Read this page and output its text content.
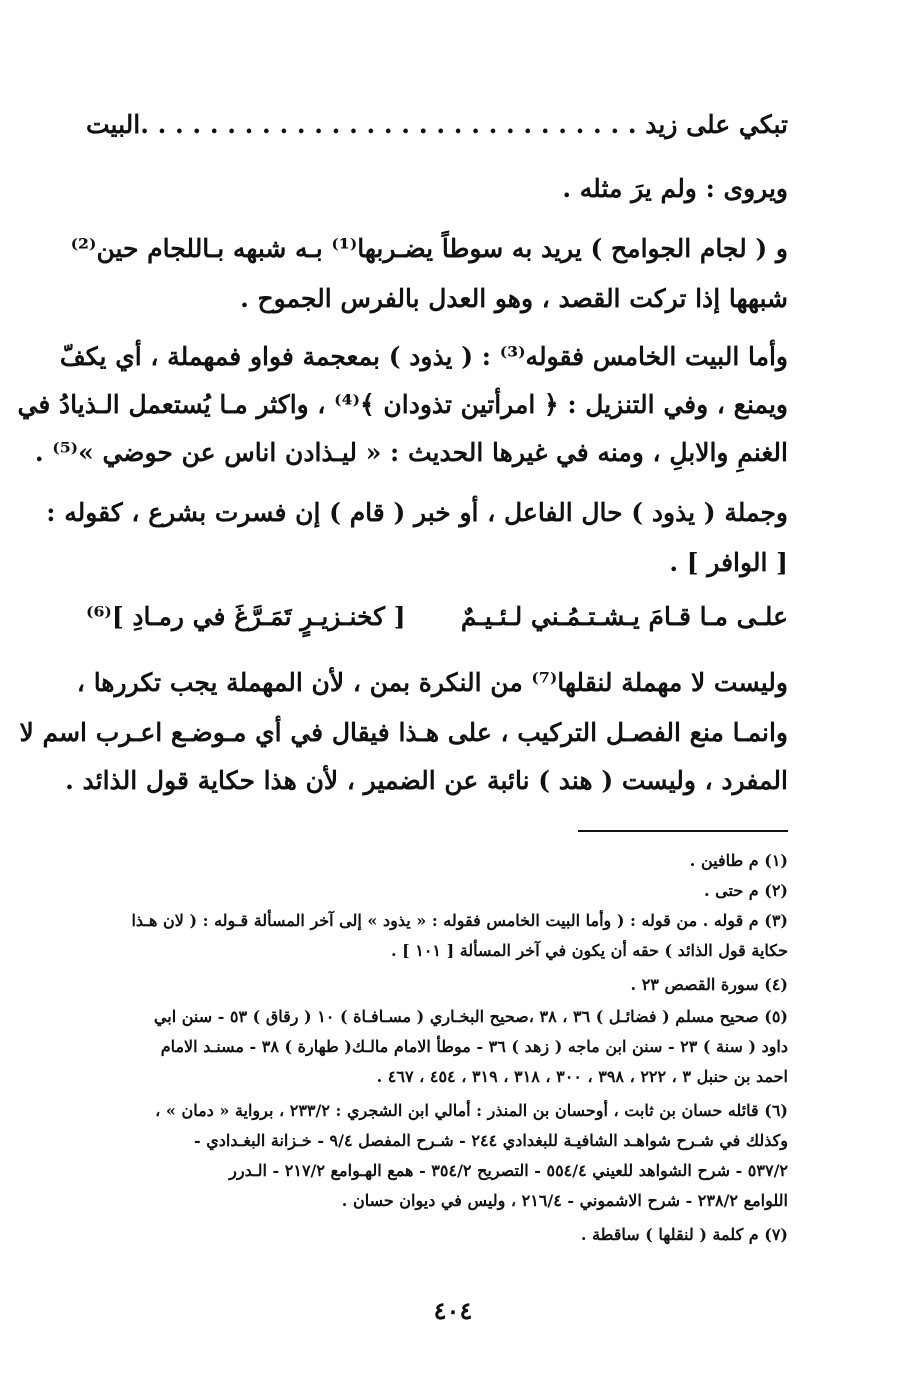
تبكي على زيد . . . . . . . . . . . . .
. . . . . . . . . . . . . . . . .البيت
ويروى : ولم يرَ مثله .
و ( لجام الجوامح ) يريد به سوطاً يضـربها⁽¹⁾ بـه شبهه بـاللجام حين⁽²⁾
شبهها إذا تركت القصد ، وهو العدل بالفرس الجموح .
وأما البيت الخامس فقوله⁽³⁾ : ( يذود ) بمعجمة فواو فمهملة ، أي يكفّ
ويمنع ، وفي التنزيل : ﴿ امرأتين تذودان ﴾⁽⁴⁾ ، واكثر مـا يُستعمل الـذيادُ في
الغنمِ والابلِ ، ومنه في غيرها الحديث : « ليـذادن اناس عن حوضي »⁽⁵⁾ .
وجملة ( يذود ) حال الفاعل ، أو خبر ( قام ) إن فسرت بشرع ، كقوله :
[ الوافر ] .
علـى مـا قـامَ يـشـتـمُـني لـئـيـمٌ
[ كخنـزيـرٍ تَمَـرَّغَ في رمـادِ ]⁽⁶⁾
وليست لا مهملة لنقلها⁽⁷⁾ من النكرة بمن ، لأن المهملة يجب تكررها ،
وانمـا منع الفصـل التركيب ، على هـذا فيقال في أي مـوضـع اعـرب اسم لا
المفرد ، وليست ( هند ) نائبة عن الضمير ، لأن هذا حكاية قول الذائد .
(١) م طافين .
(٢) م حتى .
(٣) م قوله . من قوله : ( وأما البيت الخامس فقوله : « يذود » إلى آخر المسألة قـوله : ( لان هـذا
حكاية قول الذائد ) حقه أن يكون في آخر المسألة [ ١٠١ ] .
(٤) سورة القصص ٢٣ .
(٥) صحيح مسلم ( فضائـل ) ٣٦ ، ٣٨ ،صحيح البخـاري ( مسـافـاة ) ١٠ ( رقاق ) ٥٣ - سنن ابي
داود ( سنة ) ٢٣ - سنن ابن ماجه ( زهد ) ٣٦ - موطأ الامام مالـك( طهارة ) ٣٨ - مسنـد الامام
احمد بن حنبل ٣ ، ٢٢٢ ، ٣٩٨ ، ٣٠٠ ، ٣١٨ ، ٣١٩ ، ٤٥٤ ، ٤٦٧ .
(٦) قائله حسان بن ثابت ، أوحسان بن المنذر : أمالي ابن الشجري : ٢٣٣/٢ ، برواية « دمان » ،
وكذلك في شـرح شواهـد الشافيـة للبغدادي ٢٤٤ - شـرح المفصل ٩/٤ - خـزانة البغـدادي -
٥٣٧/٢ - شرح الشواهد للعيني ٥٥٤/٤ - التصريح ٣٥٤/٢ - همع الهـوامع ٢١٧/٢ - الـدرر
اللوامع ٢٣٨/٢ - شرح الاشموني - ٢١٦/٤ ، وليس في ديوان حسان .
(٧) م كلمة ( لنقلها ) ساقطة .
٤٠٤
